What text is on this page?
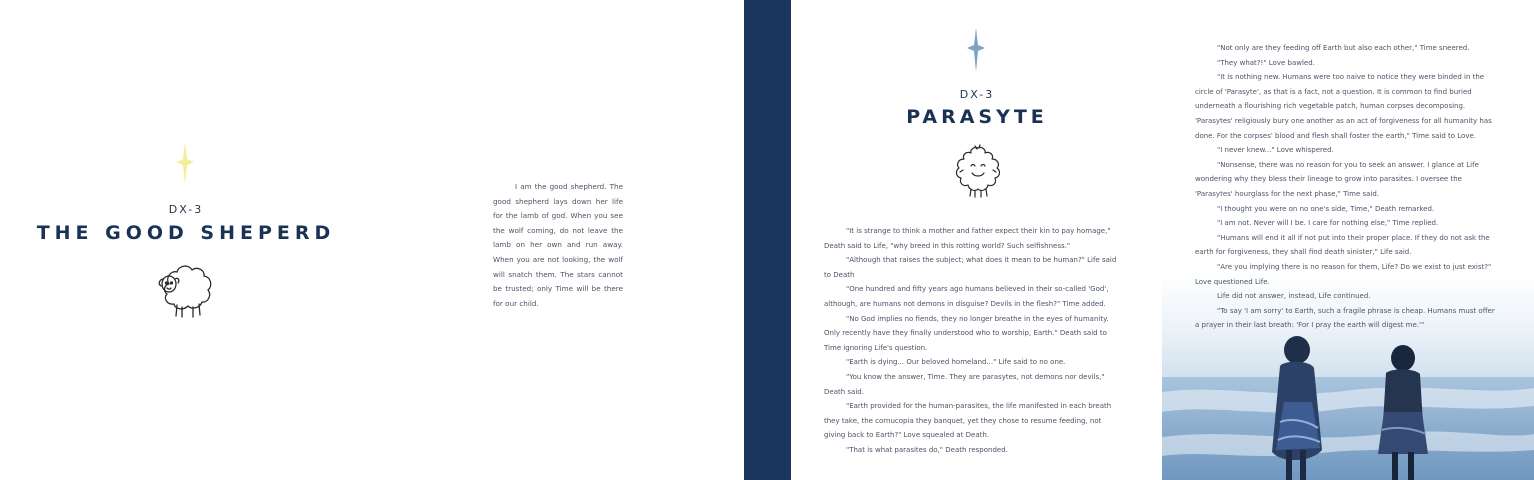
DX-3
THE GOOD SHEPERD

I am the good shepherd. The good shepherd lays down her life for the lamb of god. When you see the wolf coming, do not leave the lamb on her own and run away. When you are not looking, the wolf will snatch them. The stars cannot be trusted; only Time will be there for our child.

DX-3
PARASYTE

"It is strange to think a mother and father expect their kin to pay homage," Death said to Life, "why breed in this rotting world? Such selfishness."

"Although that raises the subject; what does it mean to be human?" Life said to Death

"One hundred and fifty years ago humans believed in their so-called 'God', although, are humans not demons in disguise? Devils in the flesh?" Time added.

"No God implies no fiends, they no longer breathe in the eyes of humanity. Only recently have they finally understood who to worship, Earth." Death said to Time ignoring Life's question.

"Earth is dying... Our beloved homeland..." Life said to no one.

"You know the answer, Time. They are parasytes, not demons nor devils," Death said.

"Earth provided for the human-parasites, the life manifested in each breath they take, the cornucopia they banquet, yet they chose to resume feeding, not giving back to Earth?" Love squealed at Death.

"That is what parasites do," Death responded.

"Not only are they feeding off Earth but also each other," Time sneered.

"They what?!" Love bawled.

"It is nothing new. Humans were too naive to notice they were binded in the circle of 'Parasyte', as that is a fact, not a question. It is common to find buried underneath a flourishing rich vegetable patch, human corpses decomposing. 'Parasytes' religiously bury one another as an act of forgiveness for all humanity has done. For the corpses' blood and flesh shall foster the earth," Time said to Love.

"I never knew..." Love whispered.

"Nonsense, there was no reason for you to seek an answer. I glance at Life wondering why they bless their lineage to grow into parasites. I oversee the 'Parasytes' hourglass for the next phase," Time said.

"I thought you were on no one's side, Time," Death remarked.

"I am not. Never will I be. I care for nothing else," Time replied.

"Humans will end it all if not put into their proper place. If they do not ask the earth for forgiveness, they shall find death sinister," Life said.

"Are you implying there is no reason for them, Life? Do we exist to just exist?" Love questioned Life.

Life did not answer, instead, Life continued.

"To say 'I am sorry' to Earth, such a fragile phrase is cheap. Humans must offer a prayer in their last breath: 'For I pray the earth will digest me.'"
